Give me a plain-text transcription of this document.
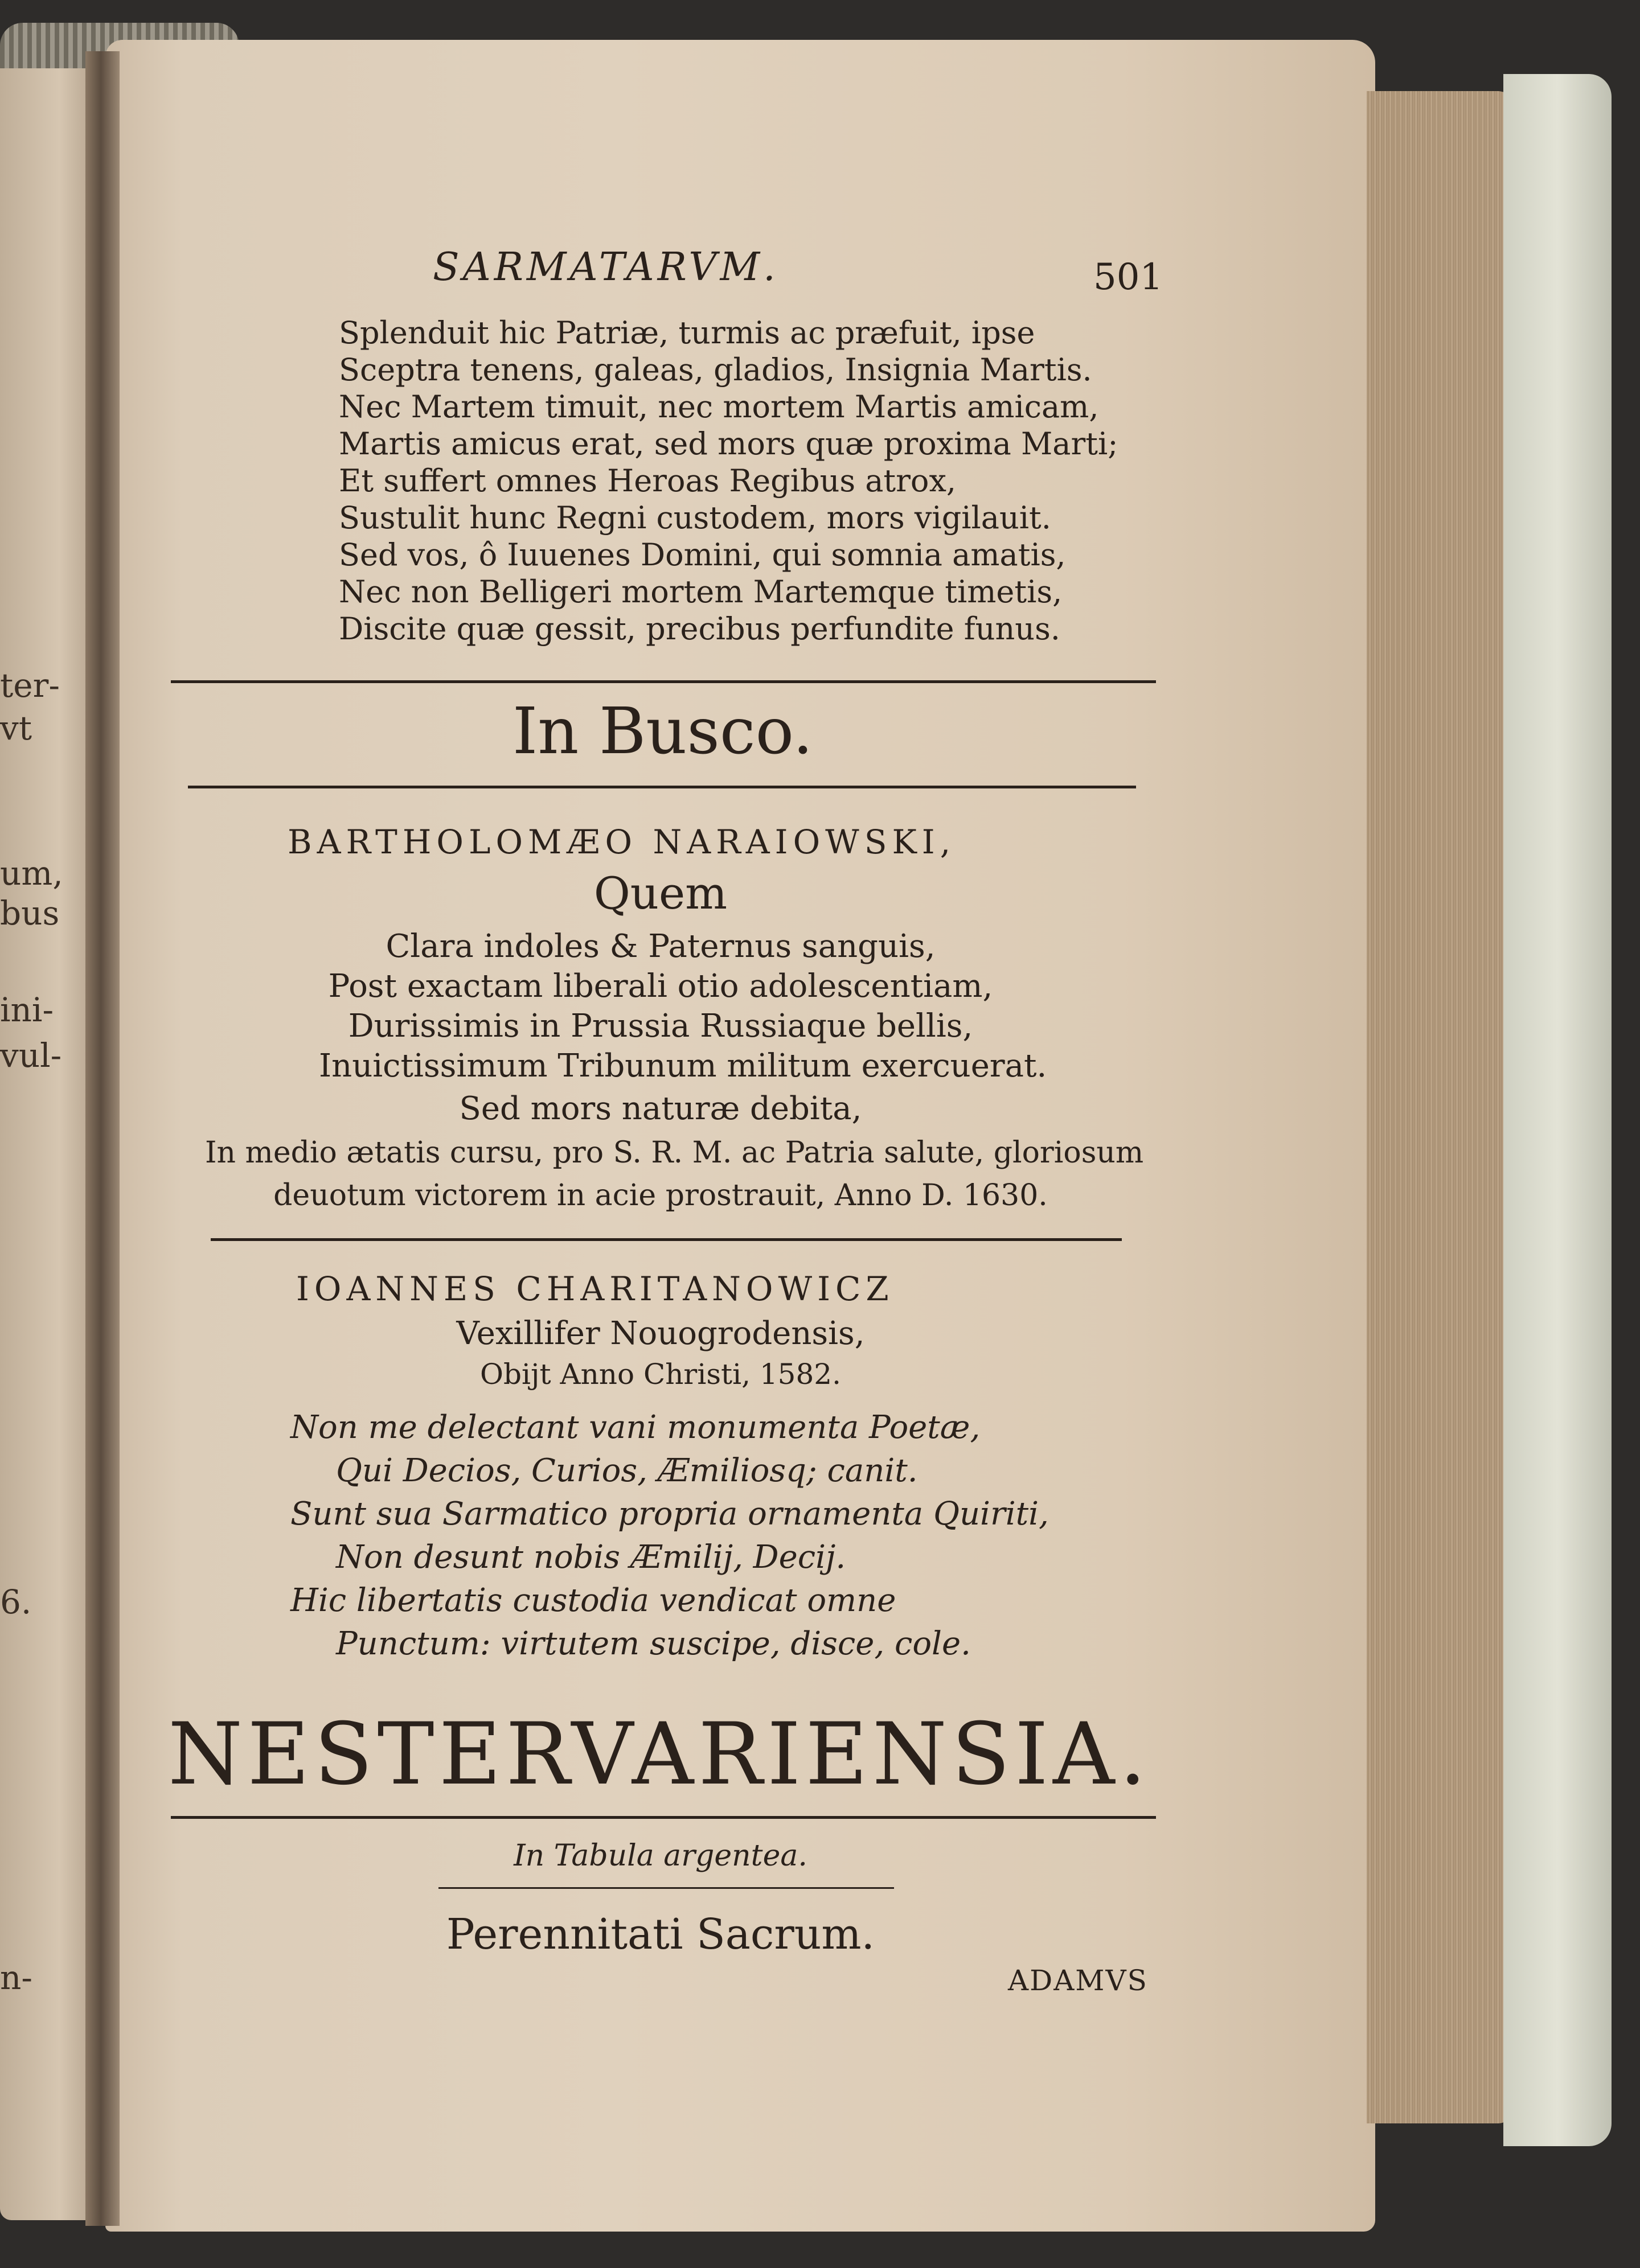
ter-
vt
um,
bus
ini-
vul-
6.
n-
SARMATARVM.	501
Splenduit hic Patriæ, turmis ac præfuit, ipse
Sceptra tenens, galeas, gladios, Insignia Martis.
Nec Martem timuit, nec mortem Martis amicam,
Martis amicus erat, sed mors quæ proxima Marti;
Et suffert omnes Heroas Regibus atrox,
Sustulit hunc Regni custodem, mors vigilauit.
Sed vos, ô Iuuenes Domini, qui somnia amatis,
Nec non Belligeri mortem Martemque timetis,
Discite quæ gessit, precibus perfundite funus.
In Busco.
BARTHOLOMÆO NARAIOWSKI,
Quem
Clara indoles & Paternus sanguis,
Post exactam liberali otio adolescentiam,
Durissimis in Prussia Russiaque bellis,
Inuictissimum Tribunum militum exercuerat.
Sed mors naturæ debita,
In medio ætatis cursu, pro S. R. M. ac Patria salute, gloriosum
deuotum victorem in acie prostrauit, Anno D. 1630.
IOANNES CHARITANOWICZ
Vexillifer Nouogrodensis,
Obijt Anno Christi, 1582.
Non me delectant vani monumenta Poetæ,
Qui Decios, Curios, Æmiliosq; canit.
Sunt sua Sarmatico propria ornamenta Quiriti,
Non desunt nobis Æmilij, Decij.
Hic libertatis custodia vendicat omne
Punctum: virtutem suscipe, disce, cole.
NESTERVARIENSIA.
In Tabula argentea.
Perennitati Sacrum.
ADAMVS
